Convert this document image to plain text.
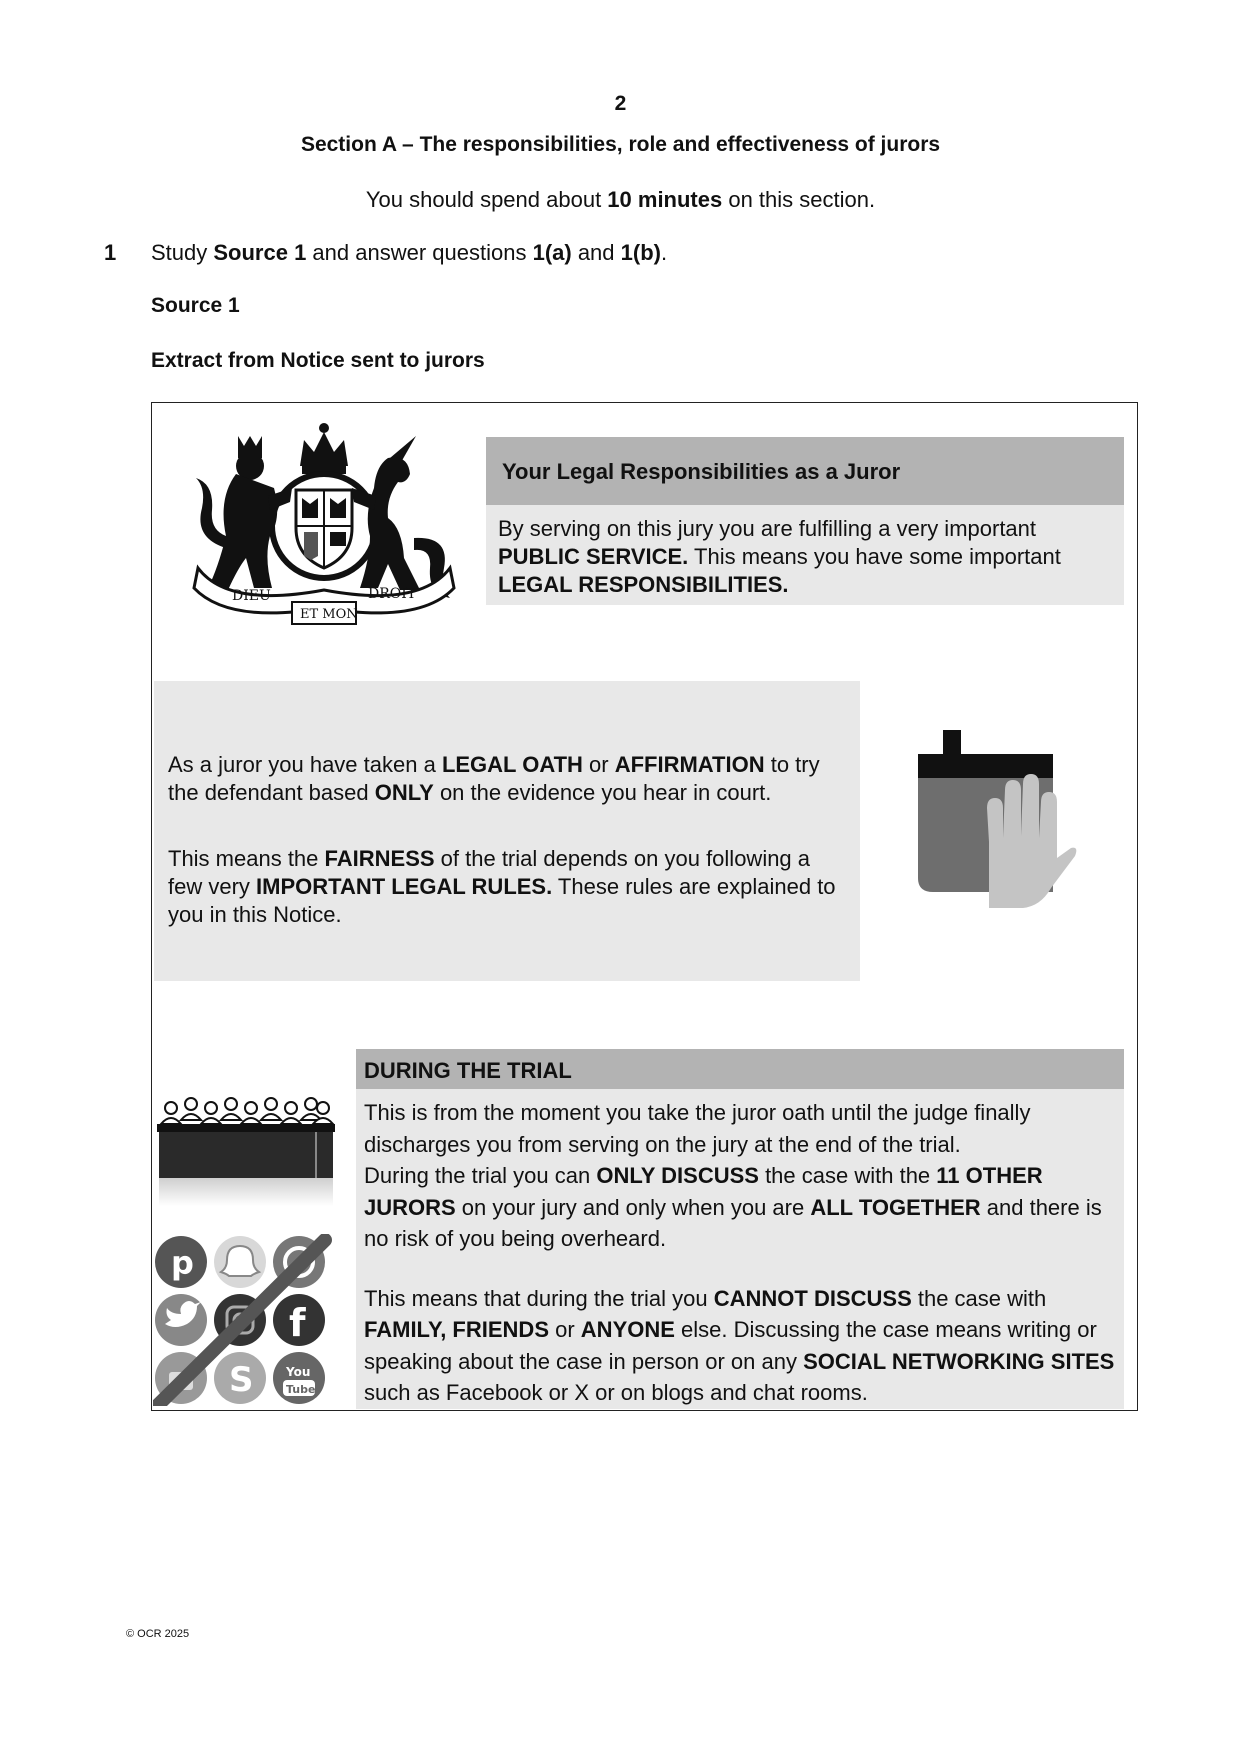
2
Section A – The responsibilities, role and effectiveness of jurors
You should spend about 10 minutes on this section.
1 Study Source 1 and answer questions 1(a) and 1(b).
Source 1
Extract from Notice sent to jurors
DIEU	DROIT
ET MON
Your Legal Responsibilities as a Juror
By serving on this jury you are fulfilling a very important PUBLIC SERVICE. This means you have some important LEGAL RESPONSIBILITIES.

As a juror you have taken a LEGAL OATH or AFFIRMATION to try the defendant based ONLY on the evidence you hear in court.

This means the FAIRNESS of the trial depends on you following a few very IMPORTANT LEGAL RULES. These rules are explained to you in this Notice.

DURING THE TRIAL

This is from the moment you take the juror oath until the judge finally discharges you from serving on the jury at the end of the trial.

During the trial you can ONLY DISCUSS the case with the 11 OTHER JURORS on your jury and only when you are ALL TOGETHER and there is no risk of you being overheard.

This means that during the trial you CANNOT DISCUSS the case with FAMILY, FRIENDS or ANYONE else. Discussing the case means writing or speaking about the case in person or on any SOCIAL NETWORKING SITES such as Facebook or X or on blogs and chat rooms.

p
f
S	You
Tube
© OCR 2025
